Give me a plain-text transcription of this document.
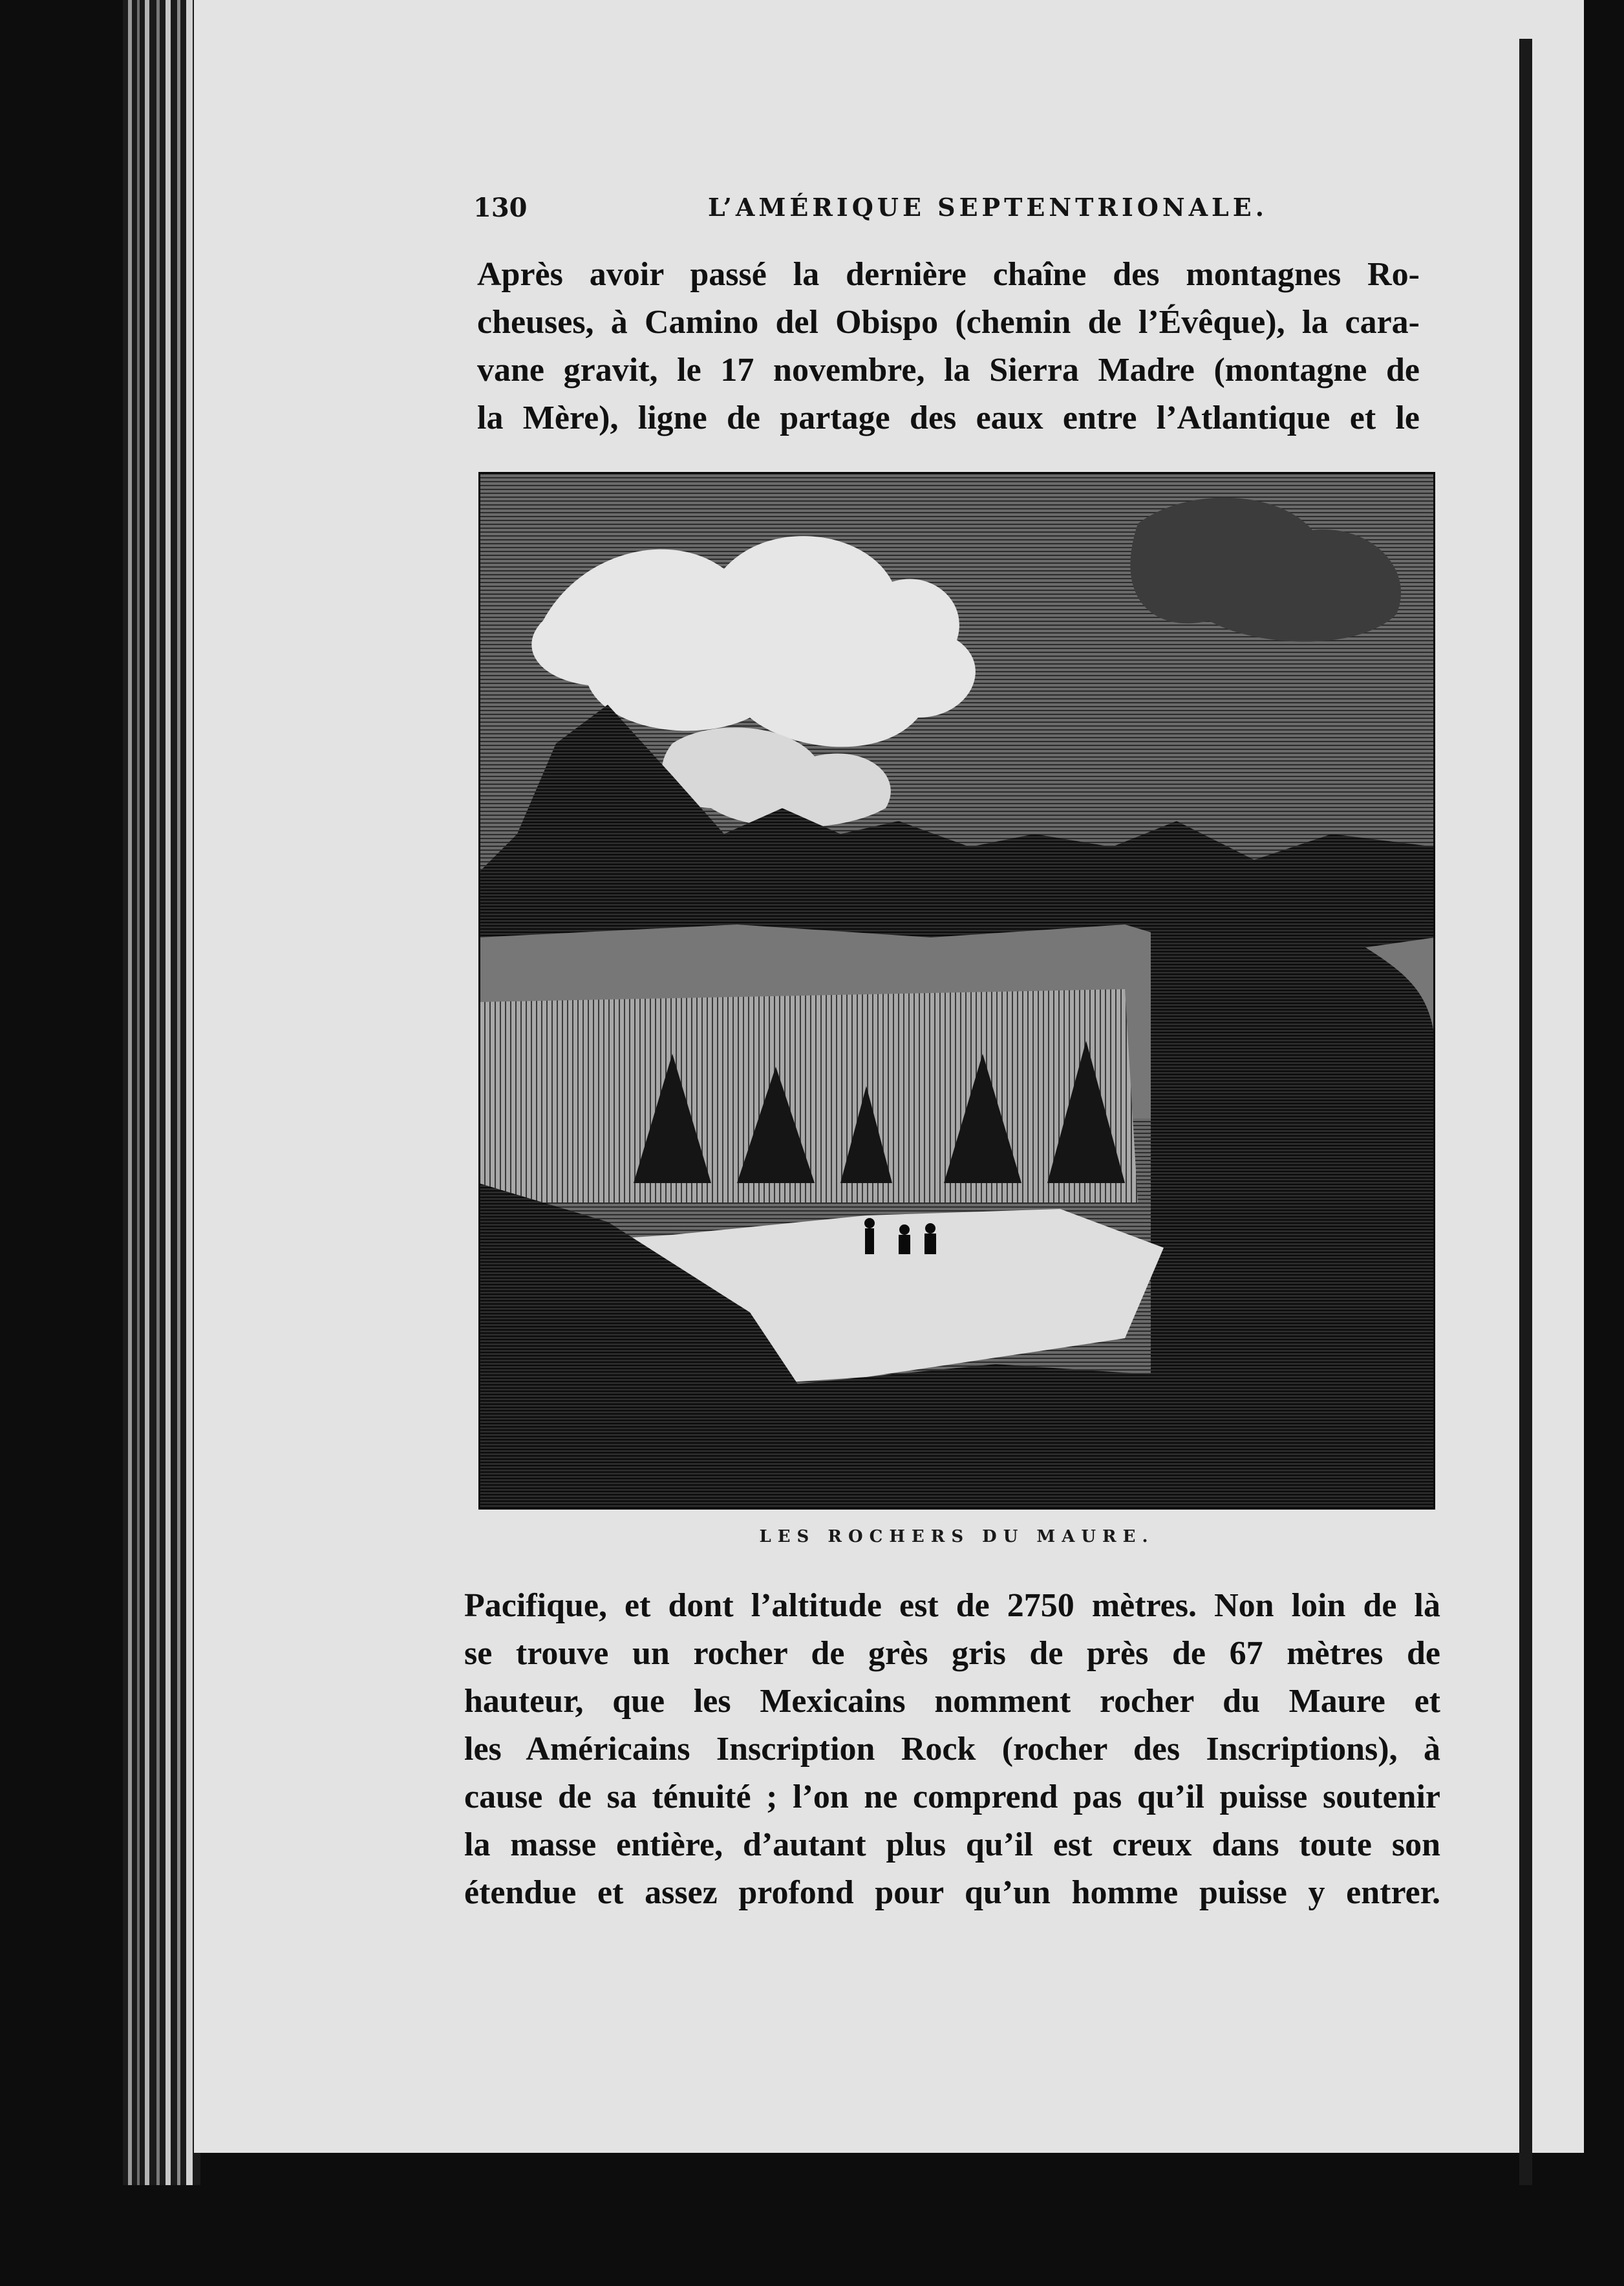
130	L’AMÉRIQUE SEPTENTRIONALE.
Après avoir passé la dernière chaîne des montagnes Ro-
cheuses, à Camino del Obispo (chemin de l’Évêque), la cara-
vane gravit, le 17 novembre, la Sierra Madre (montagne de
la Mère), ligne de partage des eaux entre l’Atlantique et le
LES ROCHERS DU MAURE.
Pacifique, et dont l’altitude est de 2750 mètres. Non loin de là
se trouve un rocher de grès gris de près de 67 mètres de
hauteur, que les Mexicains nomment rocher du Maure et
les Américains Inscription Rock (rocher des Inscriptions), à
cause de sa ténuité ; l’on ne comprend pas qu’il puisse soutenir
la masse entière, d’autant plus qu’il est creux dans toute son
étendue et assez profond pour qu’un homme puisse y entrer.
